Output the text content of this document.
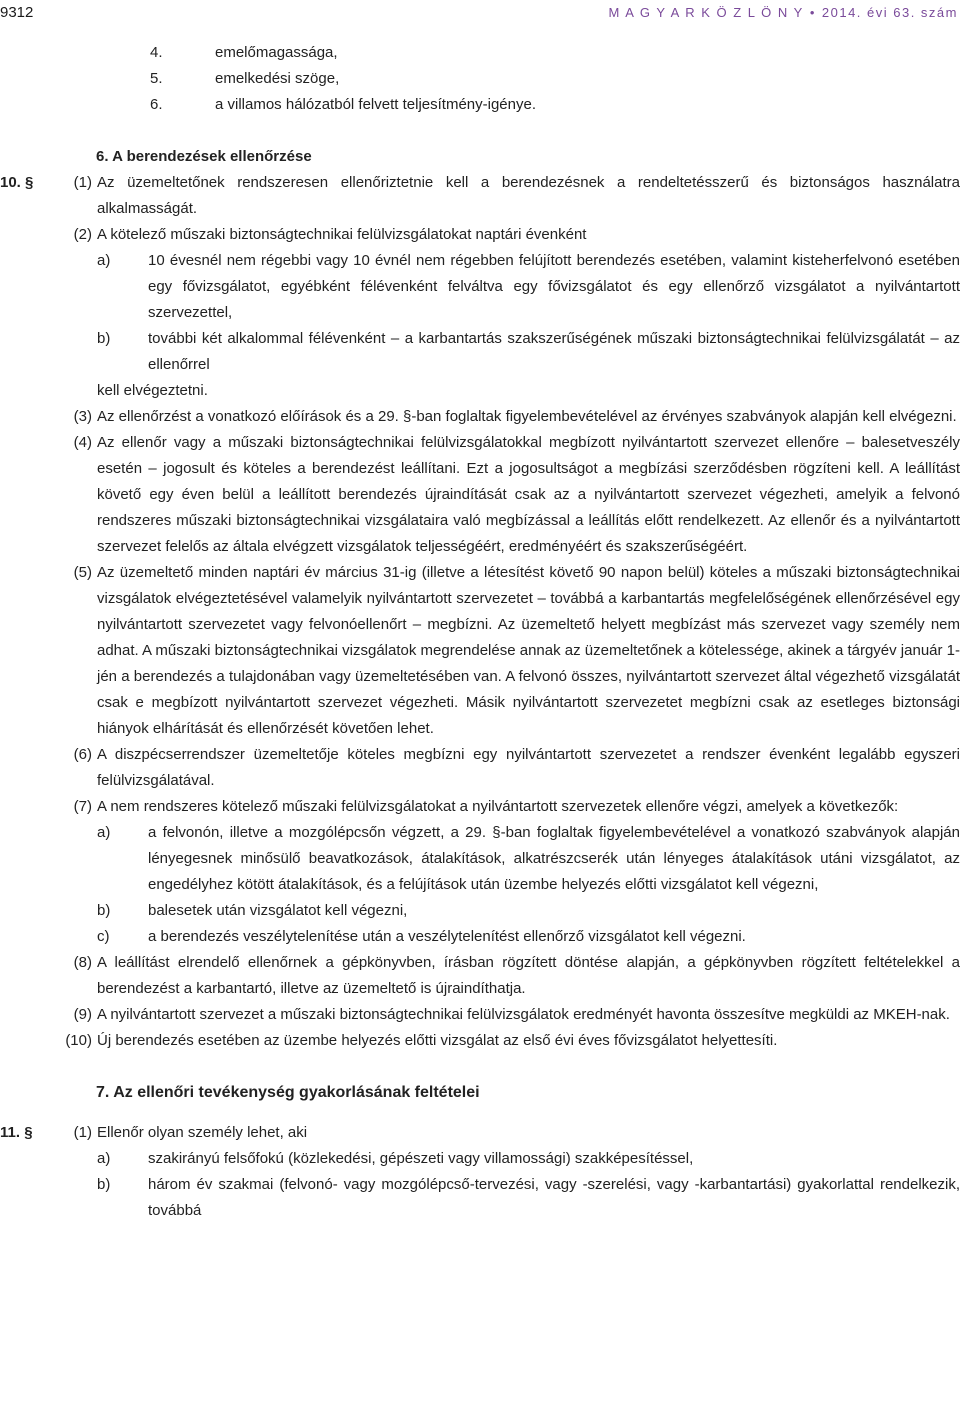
9312	M A G Y A R K Ö Z L Ö N Y • 2014. évi 63. szám
4.	emelőmagassága,
5.	emelkedési szöge,
6.	a villamos hálózatból felvett teljesítmény-igénye.
6. A berendezések ellenőrzése
10. §	(1) Az üzemeltetőnek rendszeresen ellenőriztetnie kell a berendezésnek a rendeltetésszerű és biztonságos használatra alkalmasságát.
(2) A kötelező műszaki biztonságtechnikai felülvizsgálatokat naptári évenként
a)	10 évesnél nem régebbi vagy 10 évnél nem régebben felújított berendezés esetében, valamint kisteherfelvonó esetében egy fővizsgálatot, egyébként félévenként felváltva egy fővizsgálatot és egy ellenőrző vizsgálatot a nyilvántartott szervezettel,
b)	további két alkalommal félévenként – a karbantartás szakszerűségének műszaki biztonságtechnikai felülvizsgálatát – az ellenőrrel
kell elvégeztetni.
(3) Az ellenőrzést a vonatkozó előírások és a 29. §-ban foglaltak figyelembevételével az érvényes szabványok alapján kell elvégezni.
(4) Az ellenőr vagy a műszaki biztonságtechnikai felülvizsgálatokkal megbízott nyilvántartott szervezet ellenőre – balesetveszély esetén – jogosult és köteles a berendezést leállítani. Ezt a jogosultságot a megbízási szerződésben rögzíteni kell. A leállítást követő egy éven belül a leállított berendezés újraindítását csak az a nyilvántartott szervezet végezheti, amelyik a felvonó rendszeres műszaki biztonságtechnikai vizsgálataira való megbízással a leállítás előtt rendelkezett. Az ellenőr és a nyilvántartott szervezet felelős az általa elvégzett vizsgálatok teljességéért, eredményéért és szakszerűségéért.
(5) Az üzemeltető minden naptári év március 31-ig (illetve a létesítést követő 90 napon belül) köteles a műszaki biztonságtechnikai vizsgálatok elvégeztetésével valamelyik nyilvántartott szervezetet – továbbá a karbantartás megfelelőségének ellenőrzésével egy nyilvántartott szervezetet vagy felvonóellenőrt – megbízni. Az üzemeltető helyett megbízást más szervezet vagy személy nem adhat. A műszaki biztonságtechnikai vizsgálatok megrendelése annak az üzemeltetőnek a kötelessége, akinek a tárgyév január 1-jén a berendezés a tulajdonában vagy üzemeltetésében van. A felvonó összes, nyilvántartott szervezet által végezhető vizsgálatát csak e megbízott nyilvántartott szervezet végezheti. Másik nyilvántartott szervezetet megbízni csak az esetleges biztonsági hiányok elhárítását és ellenőrzését követően lehet.
(6) A diszpécserrendszer üzemeltetője köteles megbízni egy nyilvántartott szervezetet a rendszer évenként legalább egyszeri felülvizsgálatával.
(7) A nem rendszeres kötelező műszaki felülvizsgálatokat a nyilvántartott szervezetek ellenőre végzi, amelyek a következők:
a)	a felvonón, illetve a mozgólépcsőn végzett, a 29. §-ban foglaltak figyelembevételével a vonatkozó szabványok alapján lényegesnek minősülő beavatkozások, átalakítások, alkatrészcserék után lényeges átalakítások utáni vizsgálatot, az engedélyhez kötött átalakítások, és a felújítások után üzembe helyezés előtti vizsgálatot kell végezni,
b)	balesetek után vizsgálatot kell végezni,
c)	a berendezés veszélytelenítése után a veszélytelenítést ellenőrző vizsgálatot kell végezni.
(8) A leállítást elrendelő ellenőrnek a gépkönyvben, írásban rögzített döntése alapján, a gépkönyvben rögzített feltételekkel a berendezést a karbantartó, illetve az üzemeltető is újraindíthatja.
(9) A nyilvántartott szervezet a műszaki biztonságtechnikai felülvizsgálatok eredményét havonta összesítve megküldi az MKEH-nak.
(10) Új berendezés esetében az üzembe helyezés előtti vizsgálat az első évi éves fővizsgálatot helyettesíti.
7. Az ellenőri tevékenység gyakorlásának feltételei
11. §	(1) Ellenőr olyan személy lehet, aki
a)	szakirányú felsőfokú (közlekedési, gépészeti vagy villamossági) szakképesítéssel,
b)	három év szakmai (felvonó- vagy mozgólépcső-tervezési, vagy -szerelési, vagy -karbantartási) gyakorlattal rendelkezik, továbbá
